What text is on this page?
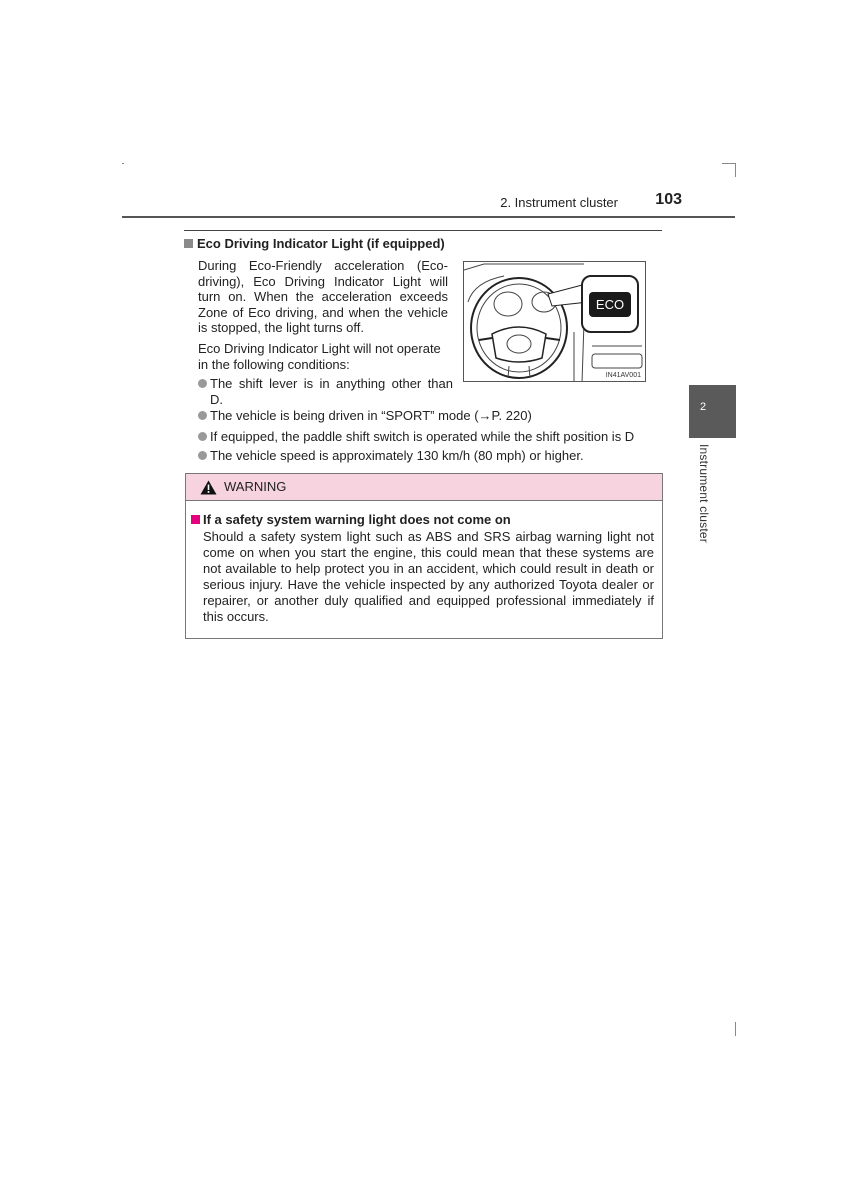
2. Instrument cluster	103
2
Instrument cluster
Eco Driving Indicator Light (if equipped)
During Eco-Friendly acceleration (Eco-
driving), Eco Driving Indicator Light will
turn on. When the acceleration exceeds
Zone of Eco driving, and when the vehicle
is stopped, the light turns off.
Eco Driving Indicator Light will not operate
in the following conditions:
The shift lever is in anything other than
D.
The vehicle is being driven in “SPORT” mode (→P. 220)
If equipped, the paddle shift switch is operated while the shift position is D
The vehicle speed is approximately 130 km/h (80 mph) or higher.
ECO
IN41AV001
WARNING
If a safety system warning light does not come on
Should a safety system light such as ABS and SRS airbag warning light not come on when you start the engine, this could mean that these systems are not available to help protect you in an accident, which could result in death or serious injury. Have the vehicle inspected by any authorized Toyota dealer or repairer, or another duly qualified and equipped professional immediately if this occurs.
